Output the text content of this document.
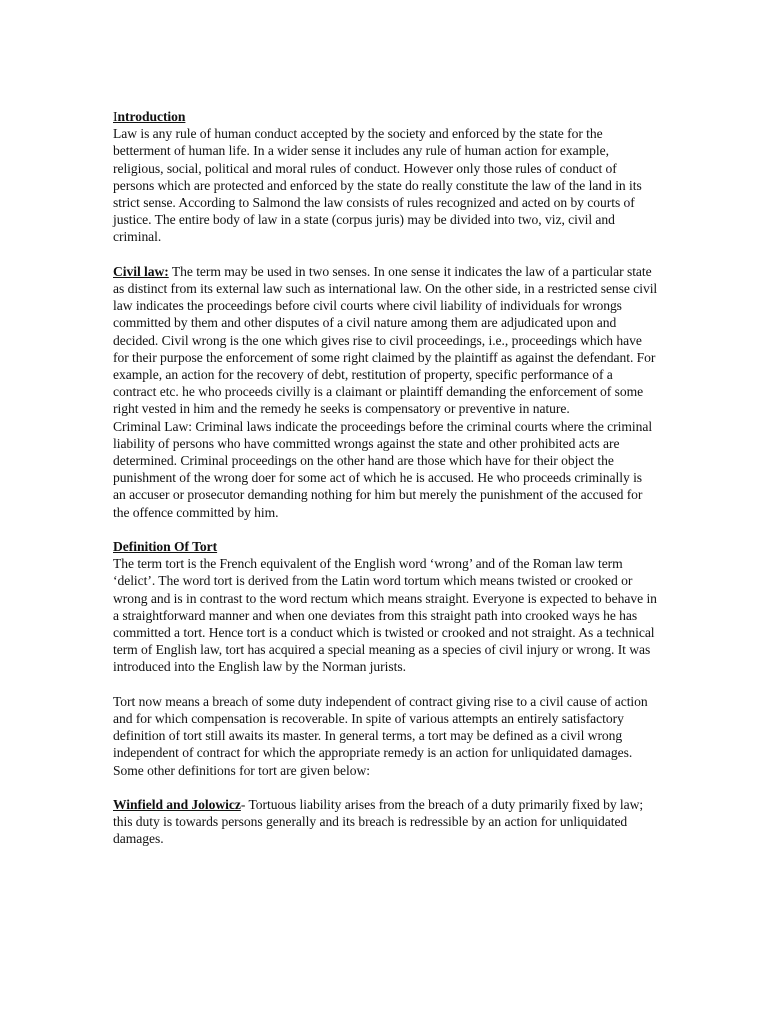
Introduction

Law is any rule of human conduct accepted by the society and enforced by the state for the betterment of human life. In a wider sense it includes any rule of human action for example, religious, social, political and moral rules of conduct. However only those rules of conduct of persons which are protected and enforced by the state do really constitute the law of the land in its strict sense. According to Salmond the law consists of rules recognized and acted on by courts of justice. The entire body of law in a state (corpus juris) may be divided into two, viz, civil and criminal.

Civil law: The term may be used in two senses. In one sense it indicates the law of a particular state as distinct from its external law such as international law. On the other side, in a restricted sense civil law indicates the proceedings before civil courts where civil liability of individuals for wrongs committed by them and other disputes of a civil nature among them are adjudicated upon and decided. Civil wrong is the one which gives rise to civil proceedings, i.e., proceedings which have for their purpose the enforcement of some right claimed by the plaintiff as against the defendant. For example, an action for the recovery of debt, restitution of property, specific performance of a contract etc. he who proceeds civilly is a claimant or plaintiff demanding the enforcement of some right vested in him and the remedy he seeks is compensatory or preventive in nature.

Criminal Law: Criminal laws indicate the proceedings before the criminal courts where the criminal liability of persons who have committed wrongs against the state and other prohibited acts are determined. Criminal proceedings on the other hand are those which have for their object the punishment of the wrong doer for some act of which he is accused. He who proceeds criminally is an accuser or prosecutor demanding nothing for him but merely the punishment of the accused for the offence committed by him.

Definition Of Tort

The term tort is the French equivalent of the English word ‘wrong’ and of the Roman law term ‘delict’. The word tort is derived from the Latin word tortum which means twisted or crooked or wrong and is in contrast to the word rectum which means straight. Everyone is expected to behave in a straightforward manner and when one deviates from this straight path into crooked ways he has committed a tort. Hence tort is a conduct which is twisted or crooked and not straight. As a technical term of English law, tort has acquired a special meaning as a species of civil injury or wrong. It was introduced into the English law by the Norman jurists.

Tort now means a breach of some duty independent of contract giving rise to a civil cause of action and for which compensation is recoverable. In spite of various attempts an entirely satisfactory definition of tort still awaits its master. In general terms, a tort may be defined as a civil wrong independent of contract for which the appropriate remedy is an action for unliquidated damages. Some other definitions for tort are given below:

Winfield and Jolowicz- Tortuous liability arises from the breach of a duty primarily fixed by law; this duty is towards persons generally and its breach is redressible by an action for unliquidated damages.
